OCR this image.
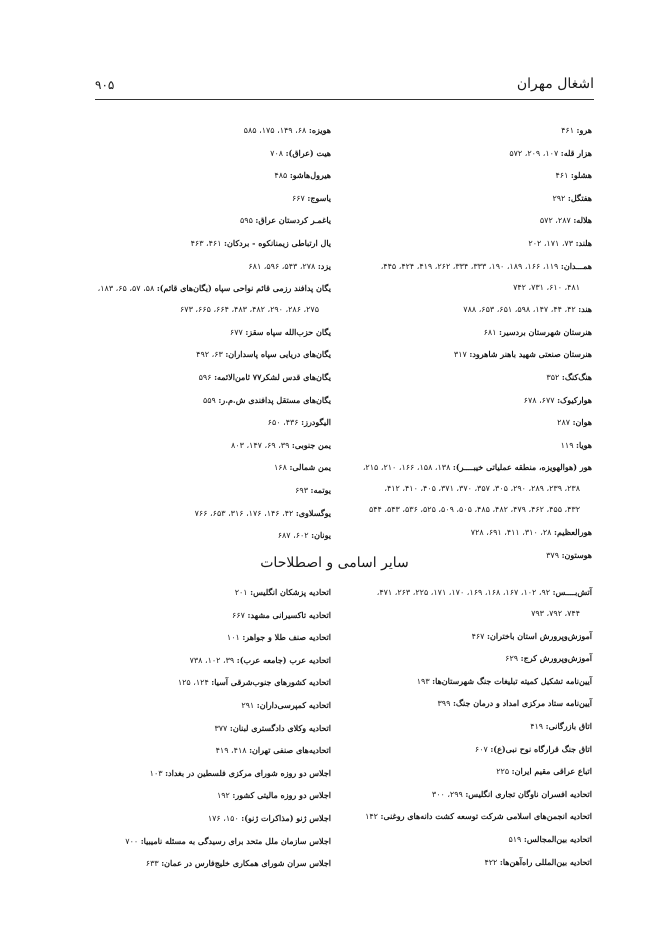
اشغال مهران
۹۰۵
هرو: ۴۶۱
هزار قله: ۱۰۷، ۲۰۹، ۵۷۲
هشلو: ۴۶۱
هفتگل: ۲۹۲
هلاله: ۲۸۷، ۵۷۲
هلند: ۷۳، ۱۷۱، ۲۰۲
همـــدان: ۱۱۹، ۱۶۶، ۱۸۹، ۱۹۰، ۳۳۳، ۳۳۴، ۲۶۲، ۴۱۹، ۴۲۴، ۴۴۵،
۴۸۱، ۶۱۰، ۷۳۱، ۷۴۲
هند: ۴۲، ۴۴، ۱۴۷، ۵۹۸، ۶۵۱، ۶۵۳، ۷۸۸
هنرستان شهرستان بردسیر: ۶۸۱
هنرستان صنعتی شهید باهنر شاهرود: ۳۱۷
هنگ‌کنگ: ۳۵۲
هوارکیوک: ۶۷۷، ۶۷۸
هوان: ۲۸۷
هویا: ۱۱۹
هور (هوالهویزه، منطقه عملیاتی خیبــــر): ۱۳۸، ۱۵۸، ۱۶۶، ۲۱۰، ۲۱۵،
۲۳۸، ۲۳۹، ۲۸۹، ۲۹۰، ۳۰۵، ۳۵۷، ۳۷۰، ۳۷۱، ۴۰۵، ۴۱۰، ۴۱۲،
۴۳۲، ۴۵۵، ۴۶۲، ۴۷۹، ۴۸۲، ۴۸۵، ۵۰۵، ۵۰۹، ۵۲۵، ۵۳۶، ۵۴۳، ۵۴۴
هورالعظیم: ۲۸، ۳۱۰، ۴۱۱، ۶۹۱، ۷۲۸
هوستون: ۳۷۹
هویزه: ۶۸، ۱۴۹، ۱۷۵، ۵۸۵
هیت (عراق): ۷۰۸
هیرول‌هاشو: ۴۸۵
یاسوج: ۶۶۷
یاغمـر کردستان عراق: ۵۹۵
یال ارتباطی زیمنانکوه - بردکان: ۴۶۱، ۴۶۳
یزد: ۲۷۸، ۵۴۳، ۵۹۶، ۶۸۱
یگان پدافند رزمی قائم نواحی سپاه (یگان‌های قائم): ۵۸، ۵۷، ۶۵، ۱۸۳،
۲۷۵، ۲۸۶، ۲۹۰، ۴۸۲، ۴۸۳، ۶۶۴، ۶۶۵، ۶۷۳
یگان حزب‌الله سپاه سقز: ۶۷۷
یگان‌های دریایی سپاه پاسداران: ۶۳، ۴۹۲
یگان‌های قدس لشکر۷۷ ثامن‌الائمه: ۵۹۶
یگان‌های مستقل پدافندی ش.م.ر: ۵۵۹
الیگودرز: ۴۳۶، ۶۵۰
یمن جنوبی: ۳۹، ۶۹، ۱۴۷، ۸۰۳
یمن شمالی: ۱۶۸
یوتمه: ۶۹۳
یوگسلاوی: ۴۲، ۱۴۶، ۱۷۶، ۳۱۶، ۶۵۳، ۷۶۶
یونان: ۶۰۲، ۶۸۷
سایر اسامی و اصطلاحات
آتش‌بــــس: ۹۲، ۱۰۲، ۱۶۷، ۱۶۸، ۱۶۹، ۱۷۰، ۱۷۱، ۲۲۵، ۲۶۳، ۴۷۱،
۷۴۴، ۷۹۲، ۷۹۳
آموزش‌وپرورش استان باختران: ۴۶۷
آموزش‌وپرورش کرج: ۶۲۹
آیین‌نامه تشکیل کمیته تبلیغات جنگ شهرستان‌ها: ۱۹۳
آیین‌نامه ستاد مرکزی امداد و درمان جنگ: ۳۹۹
اتاق بازرگانی: ۴۱۹
اتاق جنگ قرارگاه نوح نبی(ع): ۶۰۷
اتباع عراقی مقیم ایران: ۲۲۵
اتحادیه افسران ناوگان تجاری انگلیس: ۲۹۹، ۳۰۰
اتحادیه انجمن‌های اسلامی شرکت توسعه کشت دانه‌های روغنی: ۱۴۲
اتحادیه بین‌المجالس: ۵۱۹
اتحادیه بین‌المللی راه‌آهن‌ها: ۴۲۲
اتحادیه پزشکان انگلیس: ۲۰۱
اتحادیه تاکسیرانی مشهد: ۶۶۷
اتحادیه صنف طلا و جواهر: ۱۰۱
اتحادیه عرب (جامعه عرب): ۳۹، ۱۰۲، ۷۳۸
اتحادیه کشورهای جنوب‌شرقی آسیا: ۱۲۴، ۱۲۵
اتحادیه کمپرسی‌داران: ۲۹۱
اتحادیه وکلای دادگستری لبنان: ۳۷۷
اتحادیه‌های صنفی تهران: ۴۱۸، ۴۱۹
اجلاس دو روزه شورای مرکزی فلسطین در بغداد: ۱۰۳
اجلاس دو روزه ماليتی کشور: ۱۹۲
اجلاس ژنو (مذاکرات ژنو): ۱۵۰، ۱۷۶
اجلاس سازمان ملل متحد برای رسیدگی به مسئله نامیبیا: ۷۰۰
اجلاس سران شورای همکاری خلیج‌فارس در عمان: ۶۳۳
